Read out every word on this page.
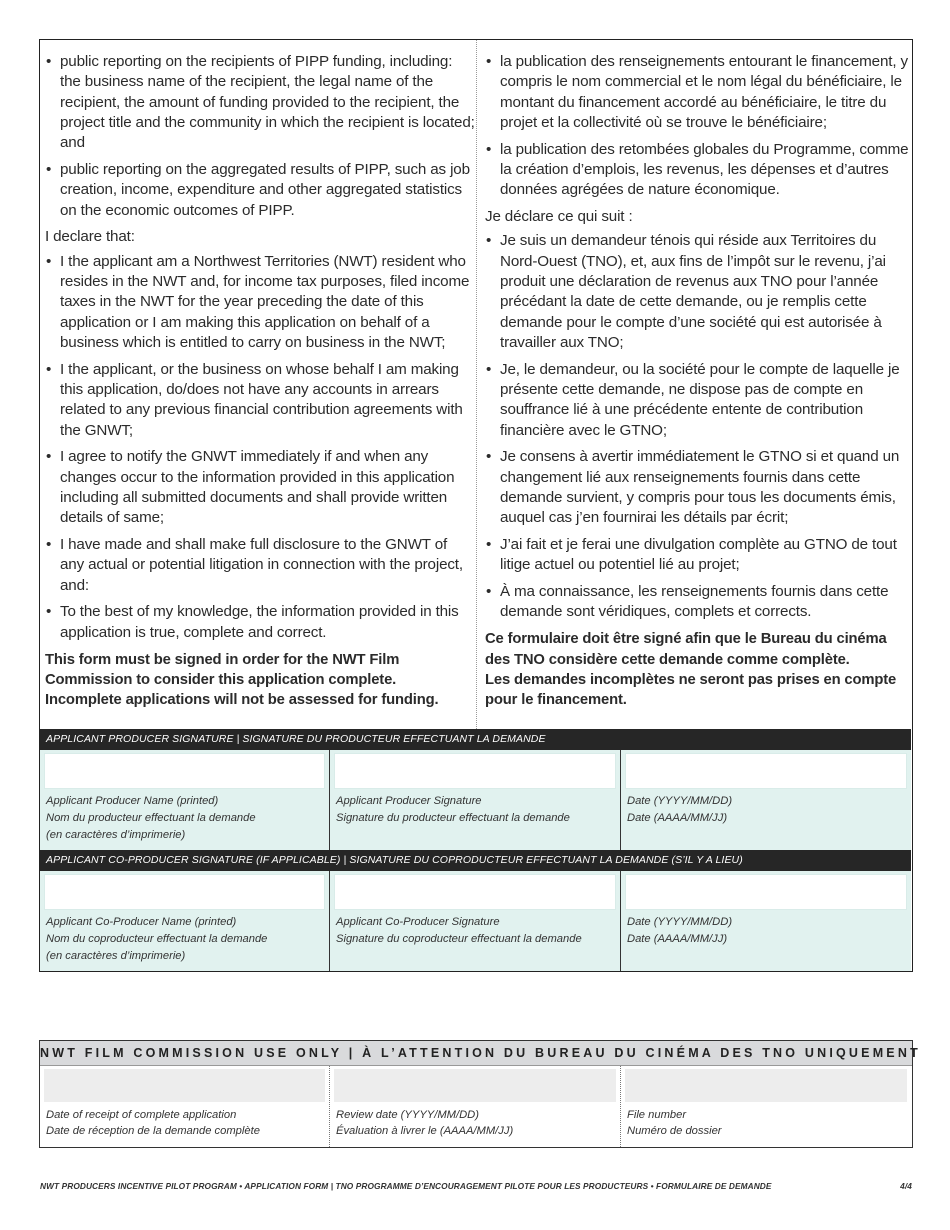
• public reporting on the recipients of PIPP funding, including: the business name of the recipient, the legal name of the recipient, the amount of funding provided to the recipient, the project title and the community in which the recipient is located; and
• public reporting on the aggregated results of PIPP, such as job creation, income, expenditure and other aggregated statistics on the economic outcomes of PIPP.
I declare that:
• I the applicant am a Northwest Territories (NWT) resident who resides in the NWT and, for income tax purposes, filed income taxes in the NWT for the year preceding the date of this application or I am making this application on behalf of a business which is entitled to carry on business in the NWT;
• I the applicant, or the business on whose behalf I am making this application, do/does not have any accounts in arrears related to any previous financial contribution agreements with the GNWT;
• I agree to notify the GNWT immediately if and when any changes occur to the information provided in this application including all submitted documents and shall provide written details of same;
• I have made and shall make full disclosure to the GNWT of any actual or potential litigation in connection with the project, and:
• To the best of my knowledge, the information provided in this application is true, complete and correct.
This form must be signed in order for the NWT Film Commission to consider this application complete. Incomplete applications will not be assessed for funding.
• la publication des renseignements entourant le financement, y compris le nom commercial et le nom légal du bénéficiaire, le montant du financement accordé au bénéficiaire, le titre du projet et la collectivité où se trouve le bénéficiaire;
• la publication des retombées globales du Programme, comme la création d’emplois, les revenus, les dépenses et d’autres données agrégées de nature économique.
Je déclare ce qui suit :
• Je suis un demandeur ténois qui réside aux Territoires du Nord-Ouest (TNO), et, aux fins de l’impôt sur le revenu, j’ai produit une déclaration de revenus aux TNO pour l’année précédant la date de cette demande, ou je remplis cette demande pour le compte d’une société qui est autorisée à travailler aux TNO;
• Je, le demandeur, ou la société pour le compte de laquelle je présente cette demande, ne dispose pas de compte en souffrance lié à une précédente entente de contribution financière avec le GTNO;
• Je consens à avertir immédiatement le GTNO si et quand un changement lié aux renseignements fournis dans cette demande survient, y compris pour tous les documents émis, auquel cas j’en fournirai les détails par écrit;
• J’ai fait et je ferai une divulgation complète au GTNO de tout litige actuel ou potentiel lié au projet;
• À ma connaissance, les renseignements fournis dans cette demande sont véridiques, complets et corrects.
Ce formulaire doit être signé afin que le Bureau du cinéma des TNO considère cette demande comme complète.
Les demandes incomplètes ne seront pas prises en compte pour le financement.
APPLICANT PRODUCER SIGNATURE | SIGNATURE DU PRODUCTEUR EFFECTUANT LA DEMANDE
Applicant Producer Name (printed)
Nom du producteur effectuant la demande
(en caractères d’imprimerie)
Applicant Producer Signature
Signature du producteur effectuant la demande
Date (YYYY/MM/DD)
Date (AAAA/MM/JJ)
APPLICANT CO-PRODUCER SIGNATURE (IF APPLICABLE) | SIGNATURE DU COPRODUCTEUR EFFECTUANT LA DEMANDE (S’IL Y A LIEU)
Applicant Co-Producer Name (printed)
Nom du coproducteur effectuant la demande
(en caractères d’imprimerie)
Applicant Co-Producer Signature
Signature du coproducteur effectuant la demande
Date (YYYY/MM/DD)
Date (AAAA/MM/JJ)
NWT FILM COMMISSION USE ONLY | À L’ATTENTION DU BUREAU DU CINÉMA DES TNO UNIQUEMENT
Date of receipt of complete application
Date de réception de la demande complète
Review date (YYYY/MM/DD)
Évaluation à livrer le (AAAA/MM/JJ)
File number
Numéro de dossier
NWT PRODUCERS INCENTIVE PILOT PROGRAM • APPLICATION FORM | TNO PROGRAMME D’ENCOURAGEMENT PILOTE POUR LES PRODUCTEURS • FORMULAIRE DE DEMANDE	4/4
